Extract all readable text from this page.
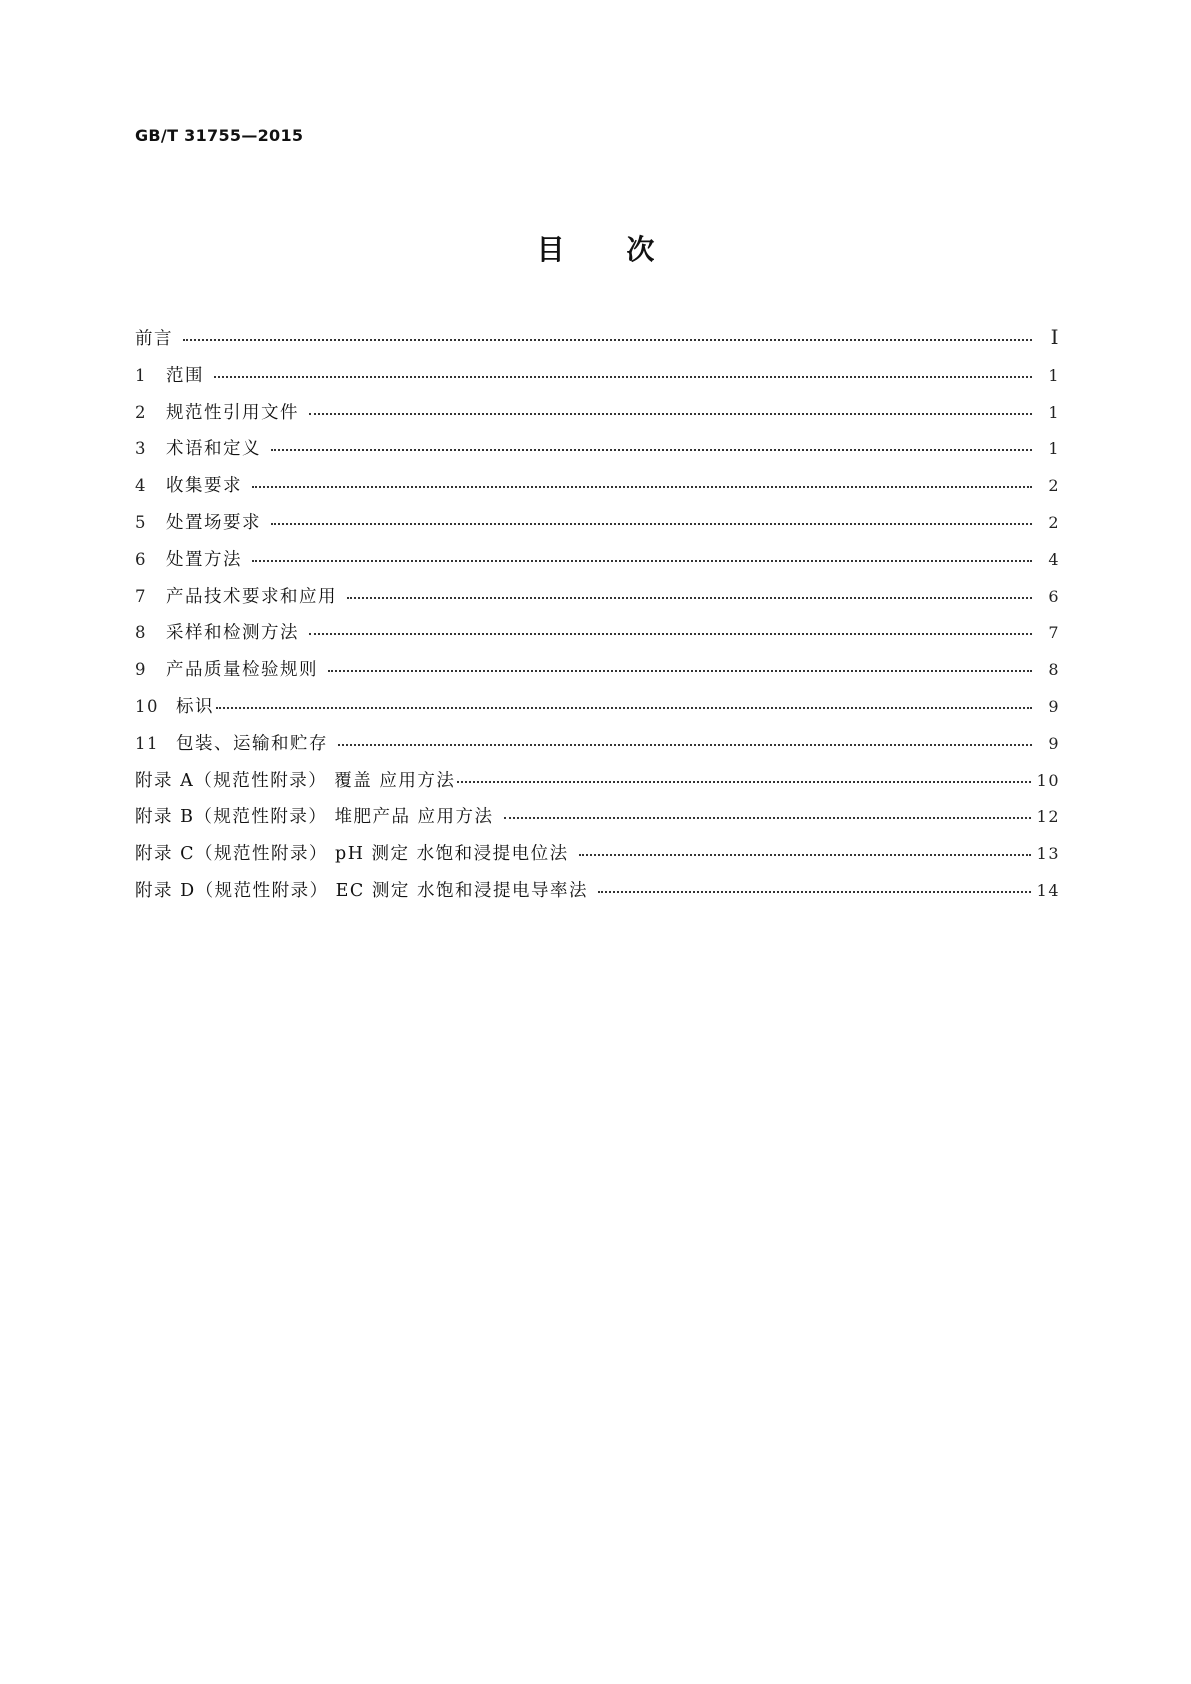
GB/T 31755—2015
目 次
前言	Ⅰ
1	范围	1
2	规范性引用文件	1
3	术语和定义	1
4	收集要求	2
5	处置场要求	2
6	处置方法	4
7	产品技术要求和应用	6
8	采样和检测方法	7
9	产品质量检验规则	8
10 标识	9
11 包装、运输和贮存	9
附录 A（规范性附录） 覆盖 应用方法	10
附录 B（规范性附录） 堆肥产品 应用方法	12
附录 C（规范性附录） pH 测定 水饱和浸提电位法	13
附录 D（规范性附录） EC 测定 水饱和浸提电导率法	14
